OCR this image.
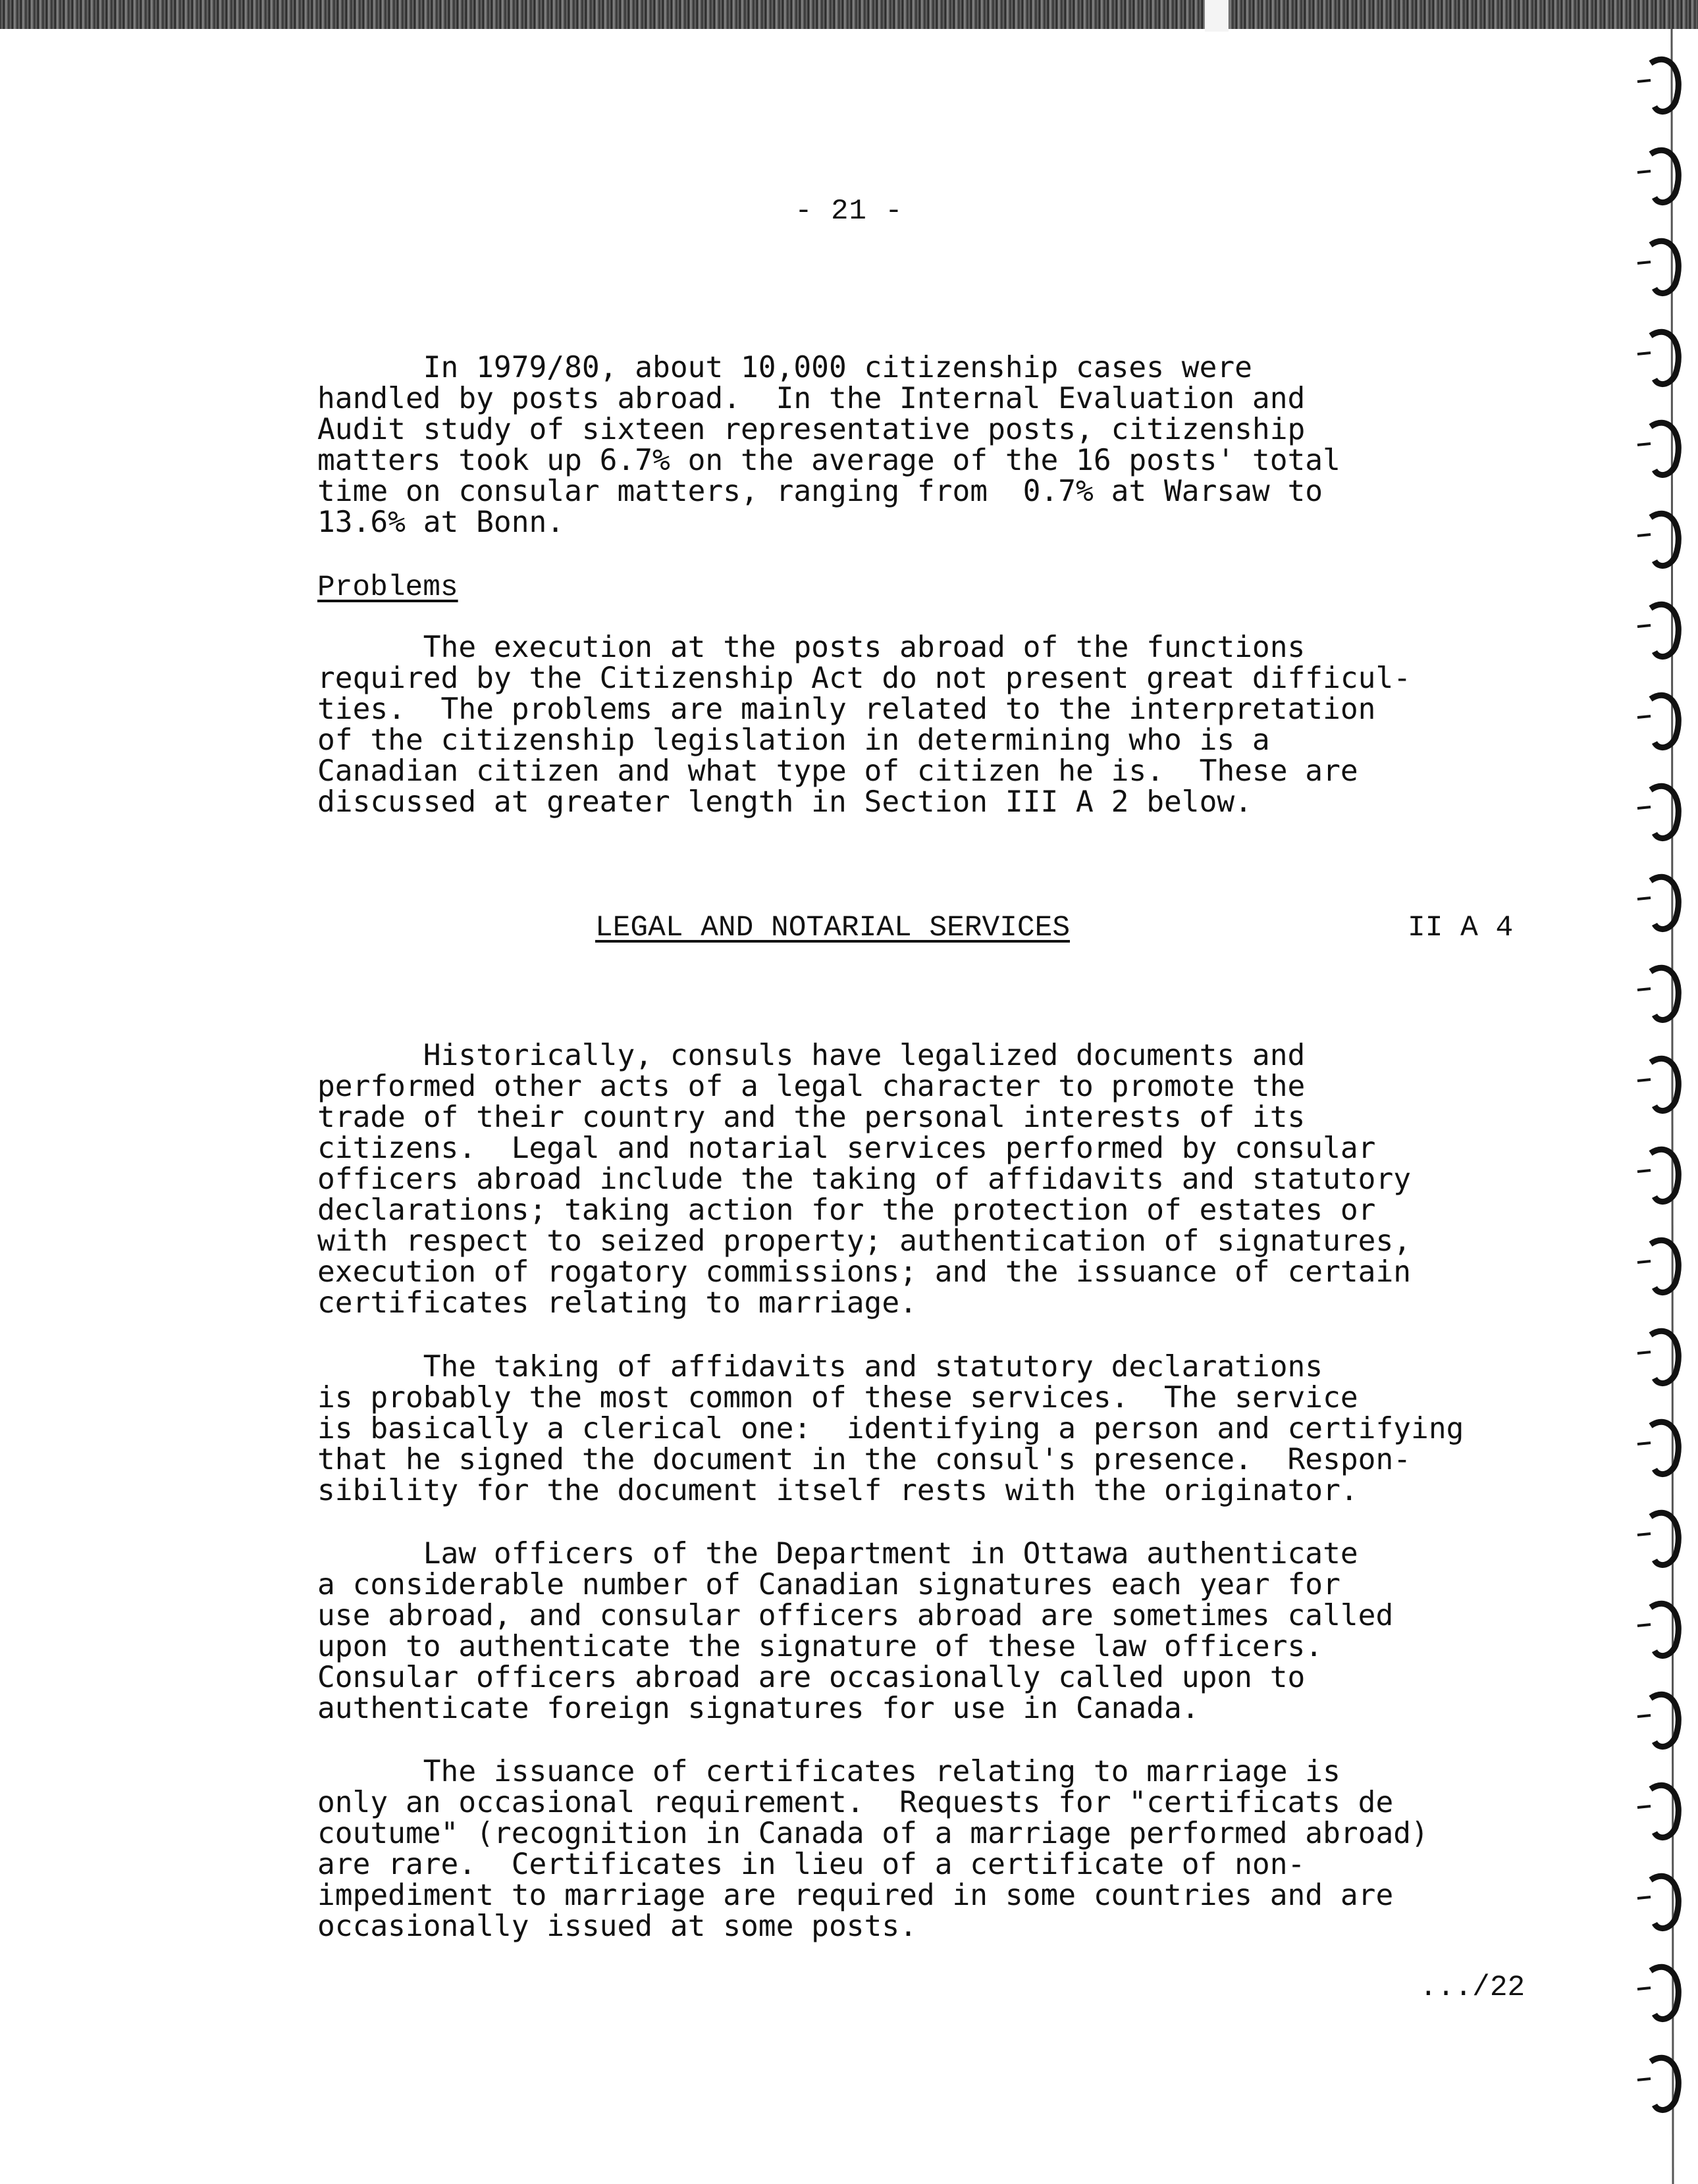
- 21 -
In 1979/80, about 10,000 citizenship cases were
handled by posts abroad.  In the Internal Evaluation and
Audit study of sixteen representative posts, citizenship
matters took up 6.7% on the average of the 16 posts' total
time on consular matters, ranging from  0.7% at Warsaw to
13.6% at Bonn.
Problems
The execution at the posts abroad of the functions
required by the Citizenship Act do not present great difficul-
ties.  The problems are mainly related to the interpretation
of the citizenship legislation in determining who is a
Canadian citizen and what type of citizen he is.  These are
discussed at greater length in Section III A 2 below.
LEGAL AND NOTARIAL SERVICES	II A 4
Historically, consuls have legalized documents and
performed other acts of a legal character to promote the
trade of their country and the personal interests of its
citizens.  Legal and notarial services performed by consular
officers abroad include the taking of affidavits and statutory
declarations; taking action for the protection of estates or
with respect to seized property; authentication of signatures,
execution of rogatory commissions; and the issuance of certain
certificates relating to marriage.
The taking of affidavits and statutory declarations
is probably the most common of these services.  The service
is basically a clerical one:  identifying a person and certifying
that he signed the document in the consul's presence.  Respon-
sibility for the document itself rests with the originator.
Law officers of the Department in Ottawa authenticate
a considerable number of Canadian signatures each year for
use abroad, and consular officers abroad are sometimes called
upon to authenticate the signature of these law officers.
Consular officers abroad are occasionally called upon to
authenticate foreign signatures for use in Canada.
The issuance of certificates relating to marriage is
only an occasional requirement.  Requests for "certificats de
coutume" (recognition in Canada of a marriage performed abroad)
are rare.  Certificates in lieu of a certificate of non-
impediment to marriage are required in some countries and are
occasionally issued at some posts.
.../22
